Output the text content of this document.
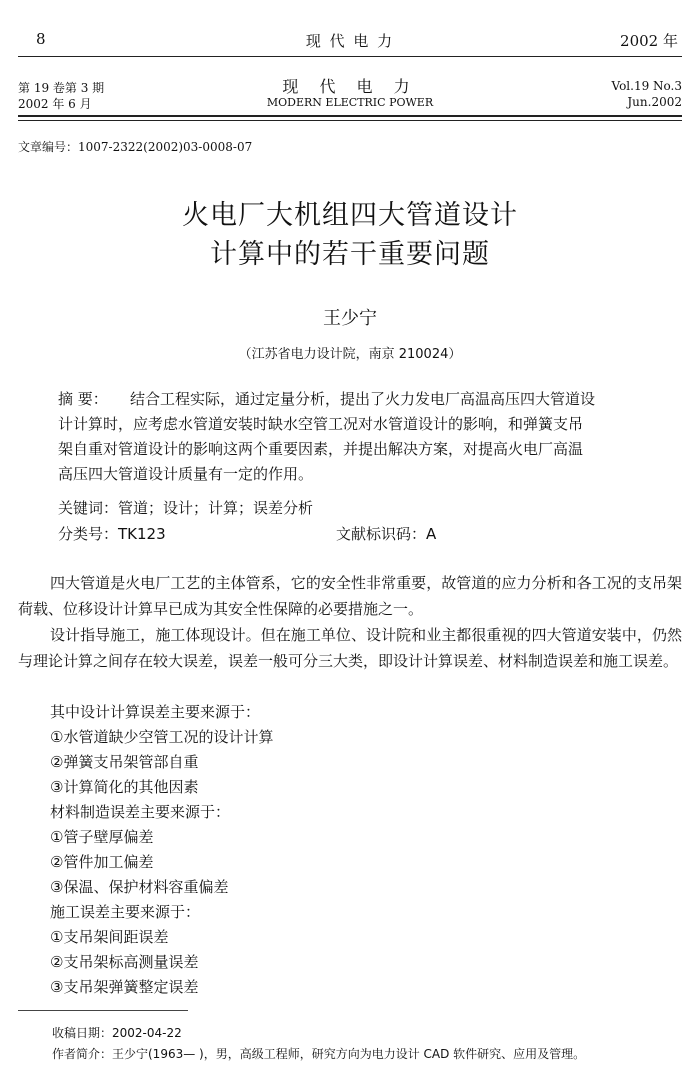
8	现 代 电 力	2002 年
第 19 卷第 3 期
2002 年 6 月
现 代 电 力
MODERN ELECTRIC POWER
Vol.19 No.3
Jun.2002
文章编号：1007-2322(2002)03-0008-07
火电厂大机组四大管道设计
计算中的若干重要问题
王少宁
（江苏省电力设计院，南京 210024）
摘 要： 结合工程实际，通过定量分析，提出了火力发电厂高温高压四大管道设
计计算时，应考虑水管道安装时缺水空管工况对水管道设计的影响，和弹簧支吊
架自重对管道设计的影响这两个重要因素，并提出解决方案，对提高火电厂高温
高压四大管道设计质量有一定的作用。
关键词：管道；设计；计算；误差分析
分类号：TK123	文献标识码：A
四大管道是火电厂工艺的主体管系，它的安全性非常重要，故管道的应力分析和各工况的支吊架荷载、位移设计计算早已成为其安全性保障的必要措施之一。
设计指导施工，施工体现设计。但在施工单位、设计院和业主都很重视的四大管道安装中，仍然与理论计算之间存在较大误差，误差一般可分三大类，即设计计算误差、材料制造误差和施工误差。
其中设计计算误差主要来源于：
①水管道缺少空管工况的设计计算
②弹簧支吊架管部自重
③计算简化的其他因素
材料制造误差主要来源于：
①管子壁厚偏差
②管件加工偏差
③保温、保护材料容重偏差
施工误差主要来源于：
①支吊架间距误差
②支吊架标高测量误差
③支吊架弹簧整定误差
收稿日期：2002-04-22
作者简介：王少宁(1963— )，男，高级工程师，研究方向为电力设计 CAD 软件研究、应用及管理。
